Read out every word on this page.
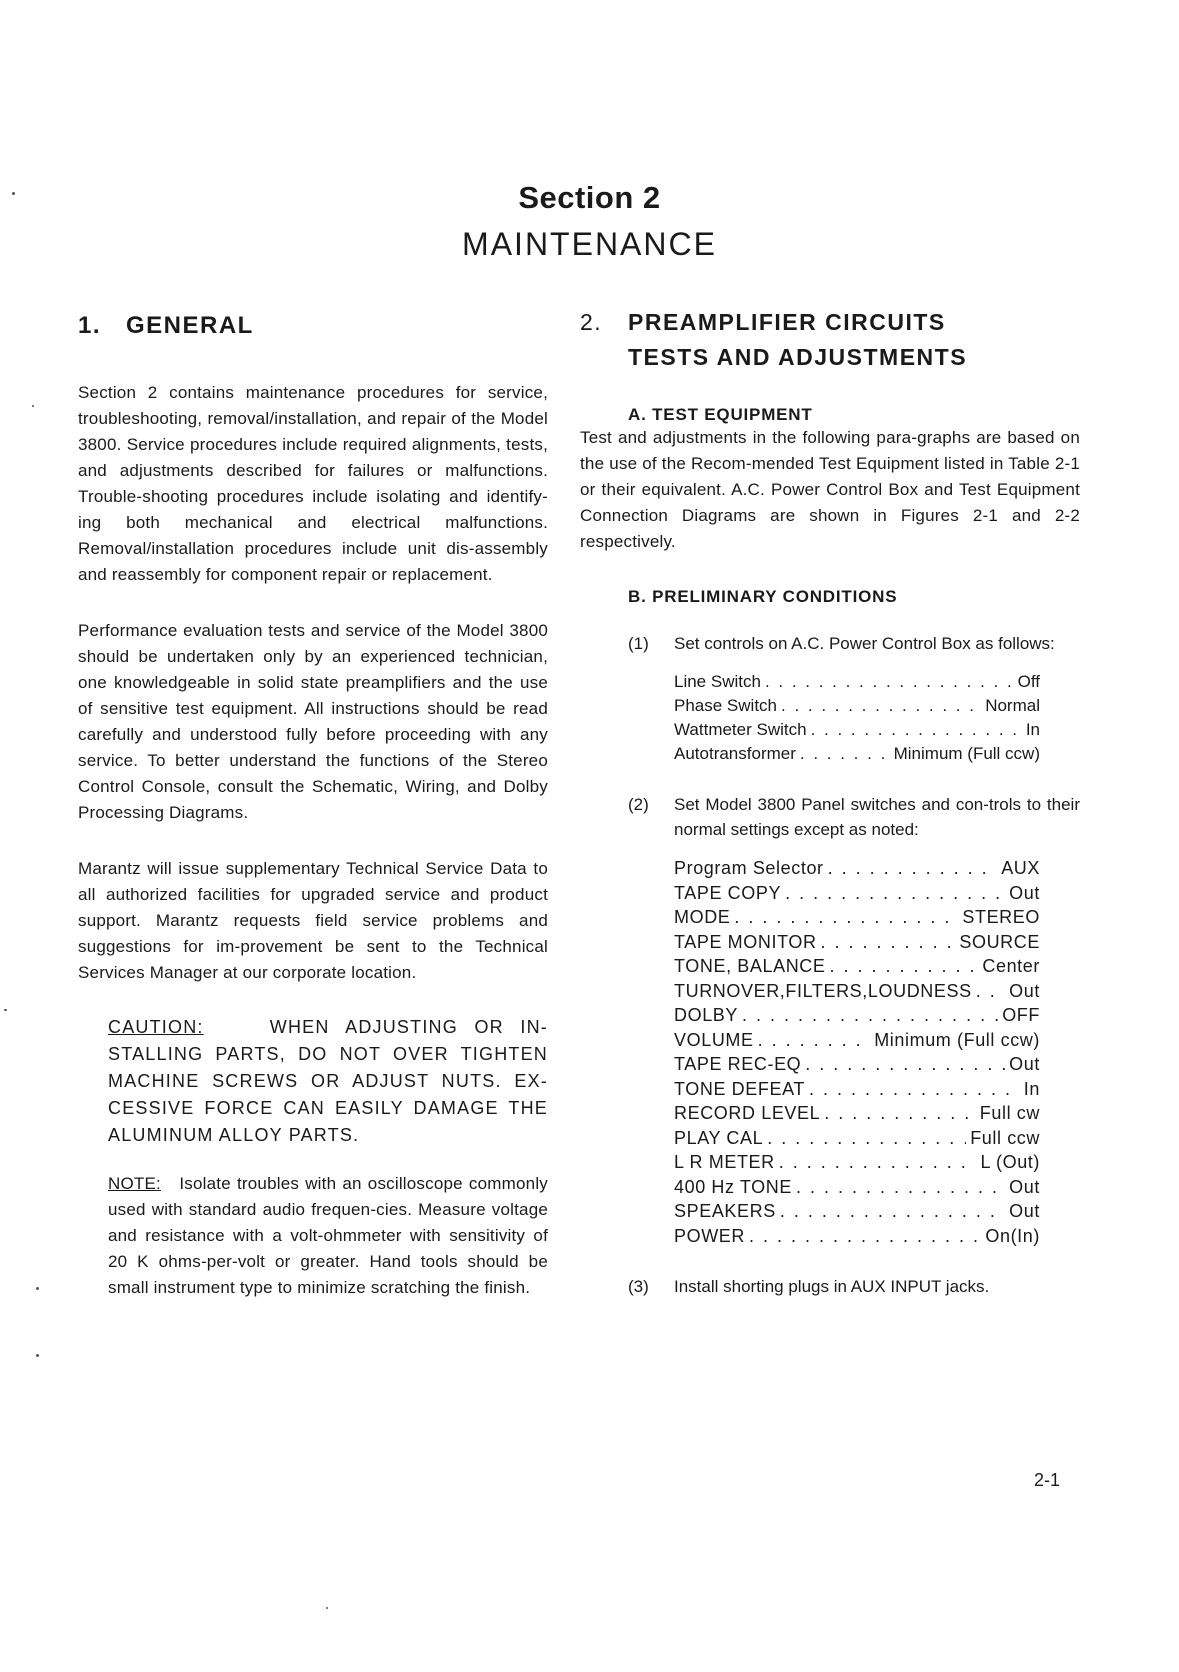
Section 2
MAINTENANCE
1.	GENERAL

Section 2 contains maintenance procedures for service, troubleshooting, removal/installation, and repair of the Model 3800. Service procedures include required alignments, tests, and adjustments described for failures or malfunctions. Trouble-shooting procedures include isolating and identify-ing both mechanical and electrical malfunctions. Removal/installation procedures include unit dis-assembly and reassembly for component repair or replacement.

Performance evaluation tests and service of the Model 3800 should be undertaken only by an experienced technician, one knowledgeable in solid state preamplifiers and the use of sensitive test equipment. All instructions should be read carefully and understood fully before proceeding with any service. To better understand the functions of the Stereo Control Console, consult the Schematic, Wiring, and Dolby Processing Diagrams.

Marantz will issue supplementary Technical Service Data to all authorized facilities for upgraded service and product support. Marantz requests field service problems and suggestions for im-provement be sent to the Technical Services Manager at our corporate location.

CAUTION:	WHEN ADJUSTING OR IN-STALLING PARTS, DO NOT OVER TIGHTEN MACHINE SCREWS OR ADJUST NUTS. EX-CESSIVE FORCE CAN EASILY DAMAGE THE ALUMINUM ALLOY PARTS.
NOTE: Isolate troubles with an oscilloscope commonly used with standard audio frequen-cies. Measure voltage and resistance with a volt-ohmmeter with sensitivity of 20 K ohms-per-volt or greater. Hand tools should be small instrument type to minimize scratching the finish.
2.	PREAMPLIFIER CIRCUITS
TESTS AND ADJUSTMENTS
A. TEST EQUIPMENT

Test and adjustments in the following para-graphs are based on the use of the Recom-mended Test Equipment listed in Table 2-1 or their equivalent. A.C. Power Control Box and Test Equipment Connection Diagrams are shown in Figures 2-1 and 2-2 respectively.

B. PRELIMINARY CONDITIONS
(1)	Set controls on A.C. Power Control Box as follows:
Line Switch . . .	Off
Phase Switch . . .	Normal
Wattmeter Switch . . .	In
Autotransformer . . .	Minimum (Full ccw)
(2)	Set Model 3800 Panel switches and con-trols to their normal settings except as noted:
Program Selector . . .	AUX
TAPE COPY . . .	Out
MODE . . .	STEREO
TAPE MONITOR . . .	SOURCE
TONE, BALANCE . . .	Center
TURNOVER,FILTERS,LOUDNESS . . . Out
DOLBY . . .	OFF
VOLUME . . .	Minimum (Full ccw)
TAPE REC-EQ . . .	Out
TONE DEFEAT . . .	In
RECORD LEVEL . . .	Full cw
PLAY CAL . . .	Full ccw
L R METER . . .	L (Out)
400 Hz TONE . . .	Out
SPEAKERS . . .	Out
POWER . . .	On(In)
(3)	Install shorting plugs in AUX INPUT jacks.
2-1
